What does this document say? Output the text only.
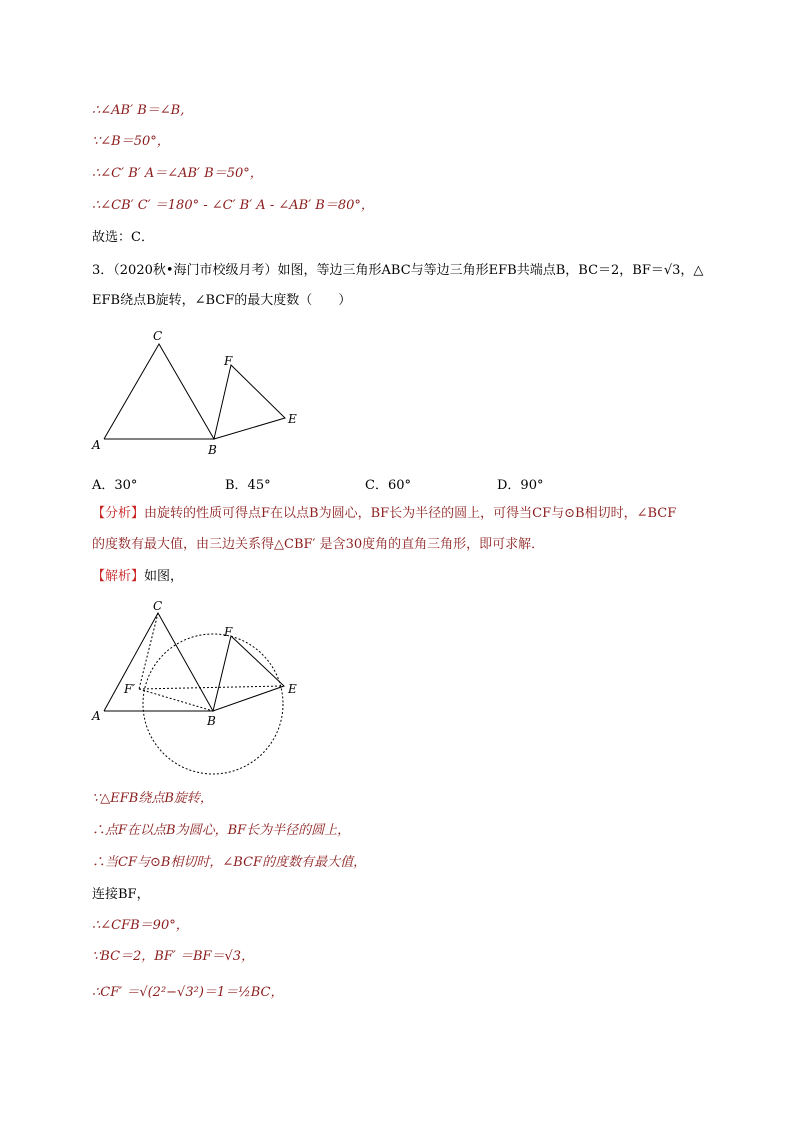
∴∠AB′ B＝∠B,
∵∠B＝50°，
∴∠C′ B′ A＝∠AB′ B＝50°，
∴∠CB′ C′ ＝180° - ∠C′ B′ A - ∠AB′ B＝80°，
故选：C．
3．（2020秋•海门市校级月考）如图，等边三角形ABC与等边三角形EFB共端点B，BC＝2，BF＝√3，△
EFB绕点B旋转，∠BCF的最大度数（　　）
C
A	B
F
E
A．30°	B．45°	C．60°	D．90°
【分析】由旋转的性质可得点F在以点B为圆心，BF长为半径的圆上，可得当CF与⊙B相切时，∠BCF
的度数有最大值，由三边关系得△CBF′ 是含30度角的直角三角形，即可求解．
【解析】如图，
C
A	B
F
E
F′
∵△EFB绕点B旋转，
∴点F在以点B为圆心，BF长为半径的圆上，
∴当CF与⊙B相切时，∠BCF的度数有最大值，
连接BF，
∴∠CFB＝90°，
∵BC＝2，BF′ ＝BF＝√3，
∴CF′ ＝√(2²−√3²)＝1＝½BC，
